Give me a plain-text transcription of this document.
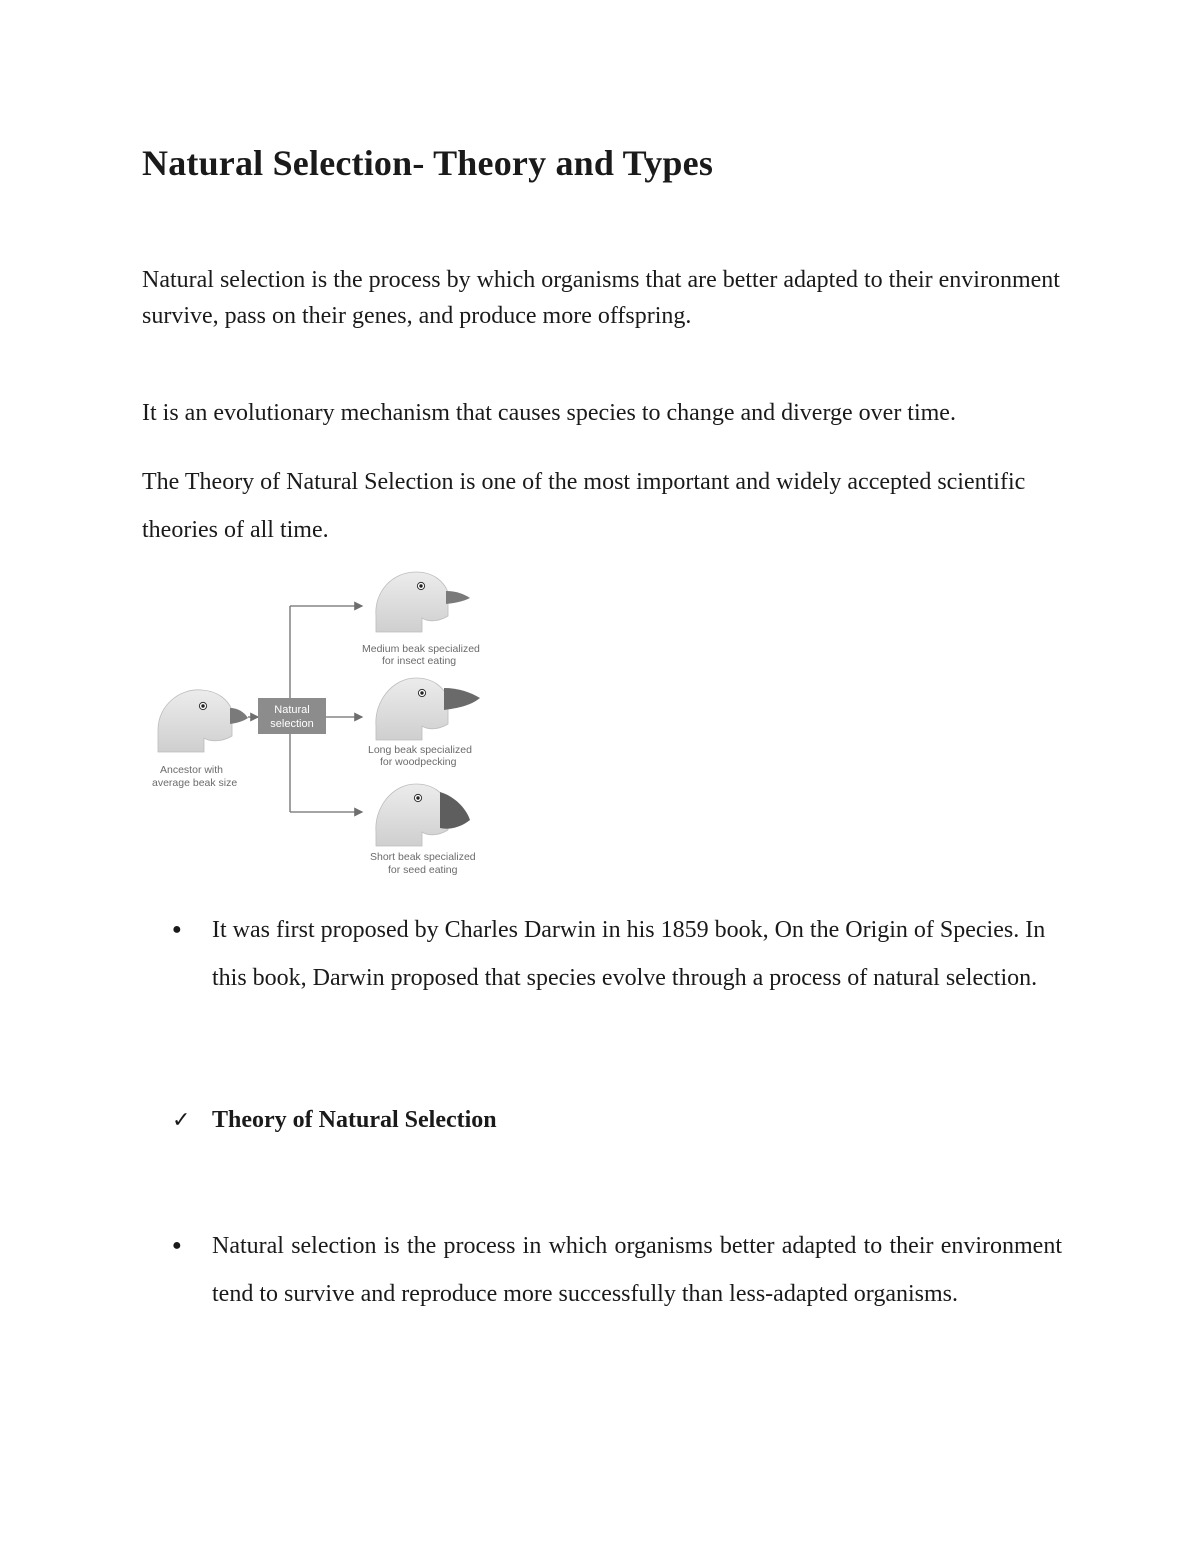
Natural Selection- Theory and Types

Natural selection is the process by which organisms that are better adapted to their environment survive, pass on their genes, and produce more offspring.

It is an evolutionary mechanism that causes species to change and diverge over time.

The Theory of Natural Selection is one of the most important and widely accepted scientific theories of all time.

Natural
selection
Ancestor with
average beak size
Medium beak specialized
for insect eating
Long beak specialized
for woodpecking
Short beak specialized
for seed eating
●	It was first proposed by Charles Darwin in his 1859 book, On the Origin of Species. In this book, Darwin proposed that species evolve through a process of natural selection.
✓ Theory of Natural Selection
●	Natural selection is the process in which organisms better adapted to their environment tend to survive and reproduce more successfully than less-adapted organisms.
